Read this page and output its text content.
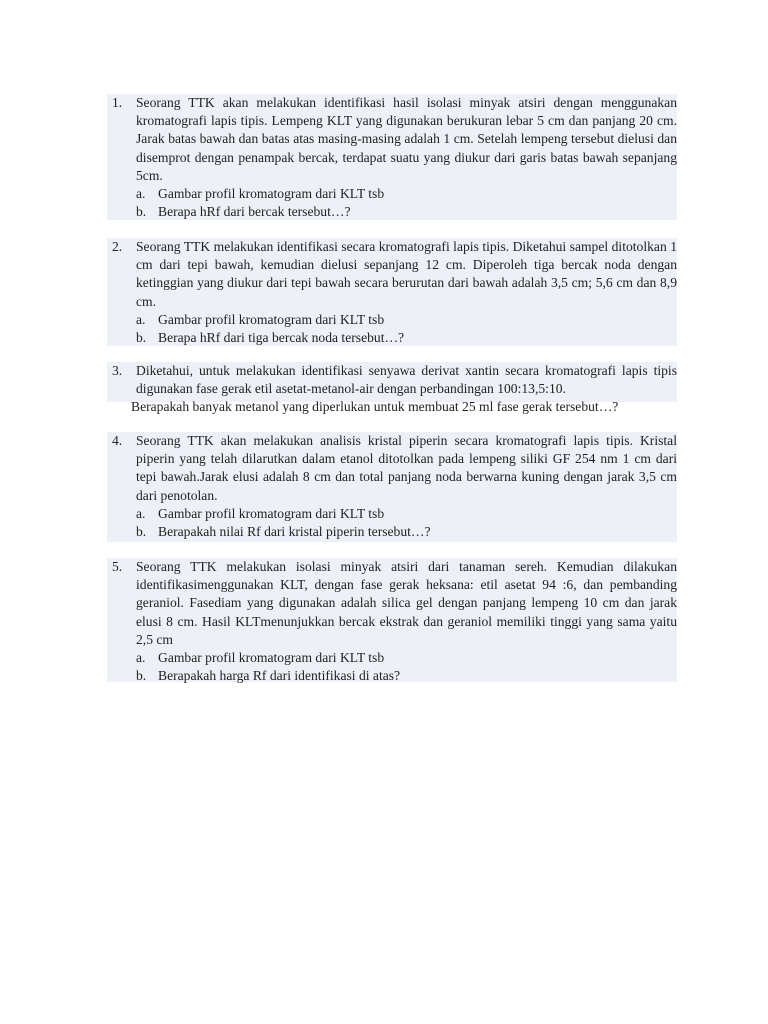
1.	Seorang TTK akan melakukan identifikasi hasil isolasi minyak atsiri dengan menggunakan kromatografi lapis tipis. Lempeng KLT yang digunakan berukuran lebar 5 cm dan panjang 20 cm. Jarak batas bawah dan batas atas masing-masing adalah 1 cm. Setelah lempeng tersebut dielusi dan disemprot dengan penampak bercak, terdapat suatu yang diukur dari garis batas bawah sepanjang 5cm.
a. Gambar profil kromatogram dari KLT tsb
b. Berapa hRf dari bercak tersebut…?
2.	Seorang TTK melakukan identifikasi secara kromatografi lapis tipis. Diketahui sampel ditotolkan 1 cm dari tepi bawah, kemudian dielusi sepanjang 12 cm. Diperoleh tiga bercak noda dengan ketinggian yang diukur dari tepi bawah secara berurutan dari bawah adalah 3,5 cm; 5,6 cm dan 8,9 cm.
a. Gambar profil kromatogram dari KLT tsb
b. Berapa hRf dari tiga bercak noda tersebut…?
3.	Diketahui, untuk melakukan identifikasi senyawa derivat xantin secara kromatografi lapis tipis digunakan fase gerak etil asetat-metanol-air dengan perbandingan 100:13,5:10.
Berapakah banyak metanol yang diperlukan untuk membuat 25 ml fase gerak tersebut…?
4.	Seorang TTK akan melakukan analisis kristal piperin secara kromatografi lapis tipis. Kristal piperin yang telah dilarutkan dalam etanol ditotolkan pada lempeng siliki GF 254 nm 1 cm dari tepi bawah.Jarak elusi adalah 8 cm dan total panjang noda berwarna kuning dengan jarak 3,5 cm dari penotolan.
a. Gambar profil kromatogram dari KLT tsb
b. Berapakah nilai Rf dari kristal piperin tersebut…?
5.	Seorang TTK melakukan isolasi minyak atsiri dari tanaman sereh. Kemudian dilakukan identifikasimenggunakan KLT, dengan fase gerak heksana: etil asetat 94 :6, dan pembanding geraniol. Fasediam yang digunakan adalah silica gel dengan panjang lempeng 10 cm dan jarak elusi 8 cm. Hasil KLTmenunjukkan bercak ekstrak dan geraniol memiliki tinggi yang sama yaitu 2,5 cm
a. Gambar profil kromatogram dari KLT tsb
b. Berapakah harga Rf dari identifikasi di atas?
